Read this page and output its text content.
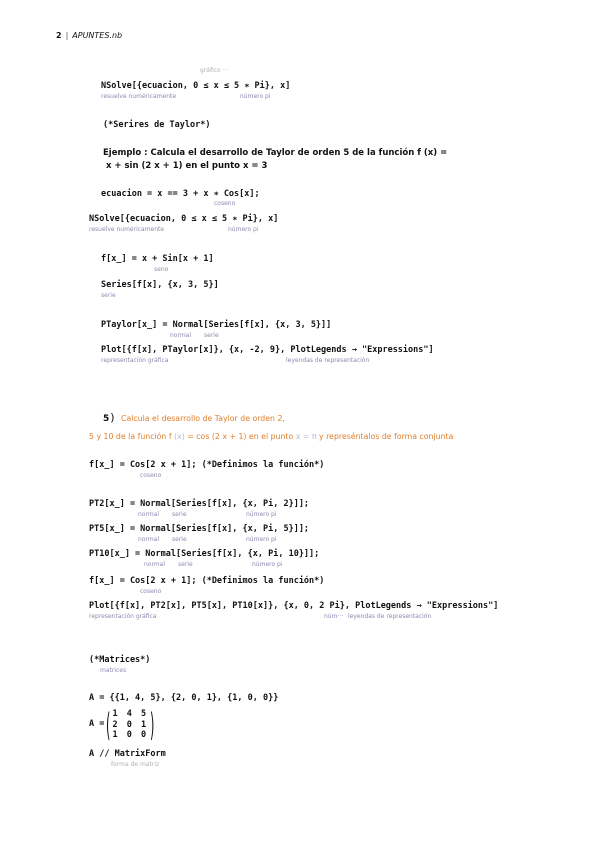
2 | APUNTES.nb
gráfico ···
NSolve[{ecuacion, 0 ≤ x ≤ 5 ∗ Pi}, x]
resuelve numéricamente	número pi
(*Serires de Taylor*)
Ejemplo : Calcula el desarrollo de Taylor de orden 5 de la función f (x) =
x + sin (2 x + 1) en el punto x = 3
ecuacion = x == 3 + x ∗ Cos[x];
coseno
NSolve[{ecuacion, 0 ≤ x ≤ 5 ∗ Pi}, x]
resuelve numéricamente	número pi
f[x_] = x + Sin[x + 1]
seno
Series[f[x], {x, 3, 5}]
serie
PTaylor[x_] = Normal[Series[f[x], {x, 3, 5}]]
normal serie
Plot[{f[x], PTaylor[x]}, {x, -2, 9}, PlotLegends → "Expressions"]
representación gráfica	leyendas de representación
5) Calcula el desarrollo de Taylor de orden 2,
5 y 10 de la función f (x) = cos (2 x + 1) en el punto x = π y represéntalos de forma conjunta
f[x_] = Cos[2 x + 1]; (*Definimos la función*)
coseno
PT2[x_] = Normal[Series[f[x], {x, Pi, 2}]];
normal serie	número pi
PT5[x_] = Normal[Series[f[x], {x, Pi, 5}]];
normal serie	número pi
PT10[x_] = Normal[Series[f[x], {x, Pi, 10}]];
normal serie	número pi
f[x_] = Cos[2 x + 1]; (*Definimos la función*)
coseno
Plot[{f[x], PT2[x], PT5[x], PT10[x]}, {x, 0, 2 Pi}, PlotLegends → "Expressions"]
representación gráfica	núm··· leyendas de representación
(*Matrices*)
matrices
A = {{1, 4, 5}, {2, 0, 1}, {1, 0, 0}}
A = ( 1 4 5
2 0 1
1 0 0 )
A // MatrixForm
forma de matriz
